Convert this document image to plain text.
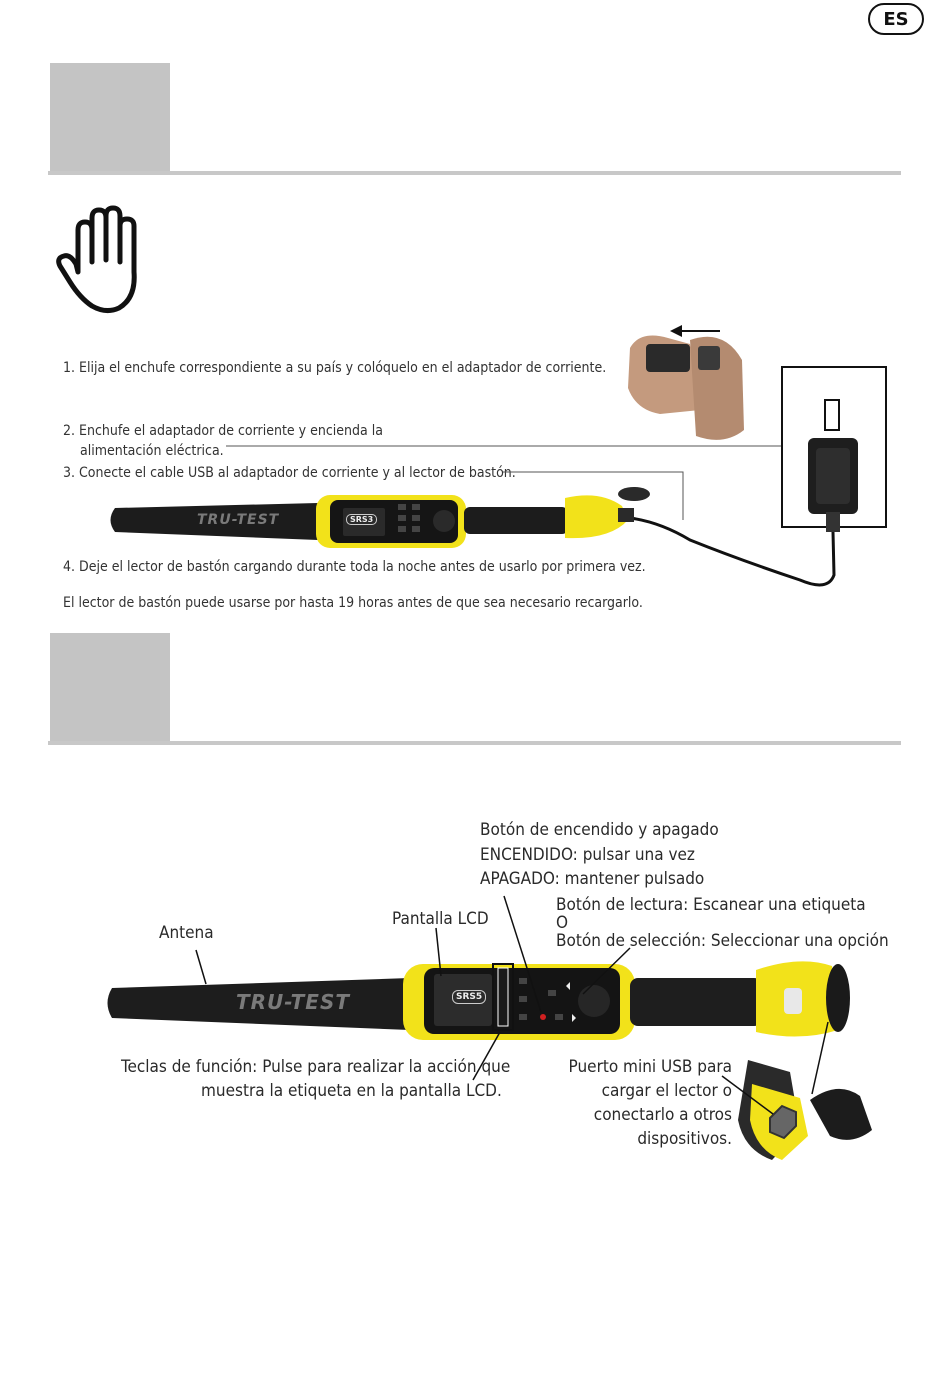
ES
1. Elija el enchufe correspondiente a su país y colóquelo en el adaptador de corriente.
2. Enchufe el adaptador de corriente y encienda la
alimentación eléctrica.
3. Conecte el cable USB al adaptador de corriente y al lector de bastón.
4. Deje el lector de bastón cargando durante toda la noche antes de usarlo por primera vez.
El lector de bastón puede usarse por hasta 19 horas antes de que sea necesario recargarlo.
TRU-TEST	SRS3
TRU-TEST	SRS5
Botón de encendido y apagado
ENCENDIDO: pulsar una vez
APAGADO: mantener pulsado
Botón de lectura: Escanear una etiqueta
O
Botón de selección: Seleccionar una opción
Pantalla LCD
Antena
Teclas de función: Pulse para realizar la acción que
muestra la etiqueta en la pantalla LCD.
Puerto mini USB para
cargar el lector o
conectarlo a otros
dispositivos.
